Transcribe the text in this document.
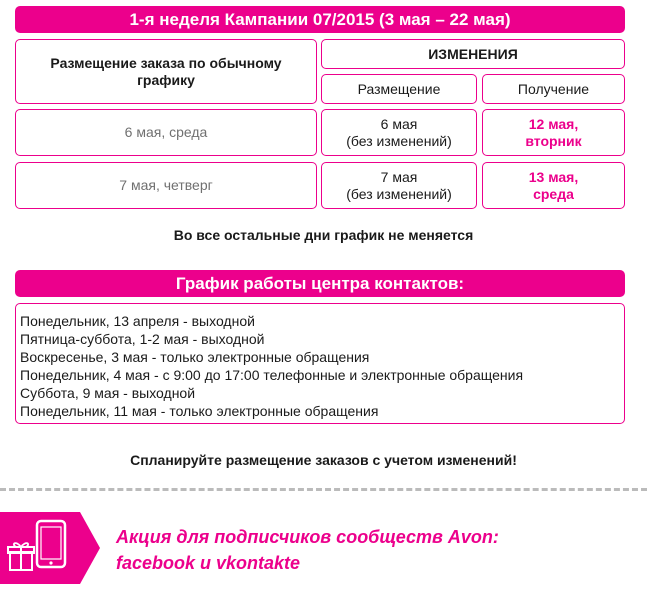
1-я неделя Кампании 07/2015 (3 мая – 22 мая)
Размещение заказа по обычному графику
ИЗМЕНЕНИЯ
Размещение	Получение
6 мая, среда
6 мая
(без изменений)
12 мая,
вторник
7 мая, четверг
7 мая
(без изменений)
13 мая,
среда
Во все остальные дни график не меняется
График работы центра контактов:
Понедельник, 13 апреля - выходной
Пятница-суббота, 1-2 мая - выходной
Воскресенье, 3 мая - только электронные обращения
Понедельник, 4 мая - с 9:00 до 17:00 телефонные и электронные обращения
Суббота, 9 мая - выходной
Понедельник, 11 мая - только электронные обращения
Спланируйте размещение заказов с учетом изменений!
Акция для подписчиков сообществ Avon:
facebook и vkontakte
